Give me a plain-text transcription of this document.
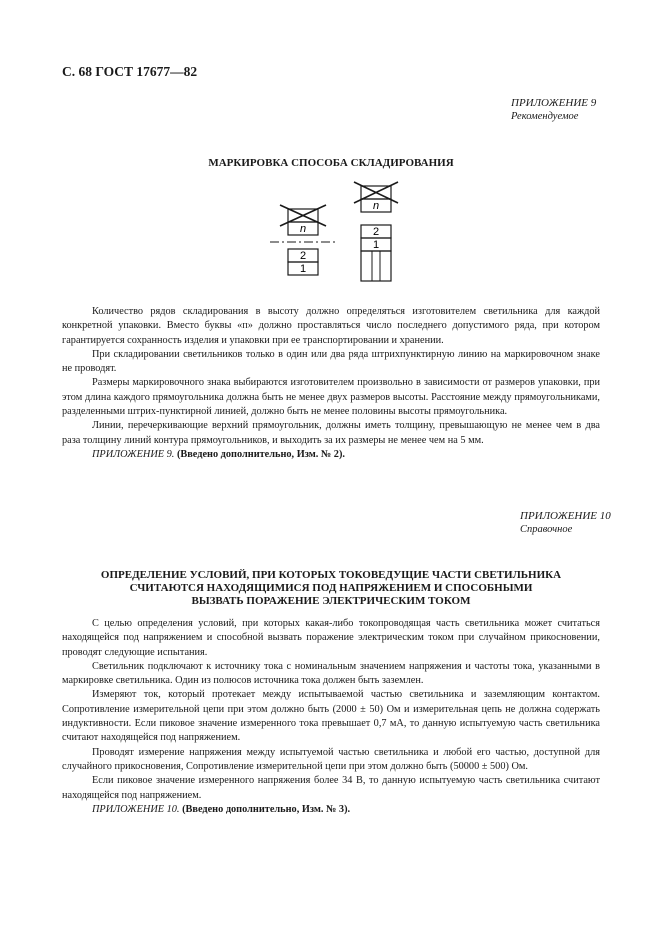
С. 68 ГОСТ 17677—82
ПРИЛОЖЕНИЕ 9
Рекомендуемое
МАРКИРОВКА СПОСОБА СКЛАДИРОВАНИЯ
n
2
1
n
2
1

Количество рядов складирования в высоту должно определяться изготовителем светильника для каждой конкретной упаковки. Вместо буквы «п» должно проставляться число последнего допустимого ряда, при котором гарантируется сохранность изделия и упаковки при ее транспортировании и хранении.

При складировании светильников только в один или два ряда штрихпунктирную линию на маркировочном знаке не проводят.

Размеры маркировочного знака выбираются изготовителем произвольно в зависимости от размеров упаковки, при этом длина каждого прямоугольника должна быть не менее двух размеров высоты. Расстояние между прямоугольниками, разделенными штрих-пунктирной линией, должно быть не менее половины высоты прямоугольника.

Линии, перечеркивающие верхний прямоугольник, должны иметь толщину, превышающую не менее чем в два раза толщину линий контура прямоугольников, и выходить за их размеры не менее чем на 5 мм.

ПРИЛОЖЕНИЕ 9. (Введено дополнительно, Изм. № 2).

ПРИЛОЖЕНИЕ 10
Справочное
ОПРЕДЕЛЕНИЕ УСЛОВИЙ, ПРИ КОТОРЫХ ТОКОВЕДУЩИЕ ЧАСТИ СВЕТИЛЬНИКА
СЧИТАЮТСЯ НАХОДЯЩИМИСЯ ПОД НАПРЯЖЕНИЕМ И СПОСОБНЫМИ
ВЫЗВАТЬ ПОРАЖЕНИЕ ЭЛЕКТРИЧЕСКИМ ТОКОМ

С целью определения условий, при которых какая-либо токопроводящая часть светильника может считаться находящейся под напряжением и способной вызвать поражение электрическим током при случайном прикосновении, проводят следующие испытания.

Светильник подключают к источнику тока с номинальным значением напряжения и частоты тока, указанными в маркировке светильника. Один из полюсов источника тока должен быть заземлен.

Измеряют ток, который протекает между испытываемой частью светильника и заземляющим контактом. Сопротивление измерительной цепи при этом должно быть (2000 ± 50) Ом и измерительная цепь не должна содержать индуктивности. Если пиковое значение измеренного тока превышает 0,7 мА, то данную испытуемую часть светильника считают находящейся под напряжением.

Проводят измерение напряжения между испытуемой частью светильника и любой его частью, доступной для случайного прикосновения, Сопротивление измерительной цепи при этом должно быть (50000 ± 500) Ом.

Если пиковое значение измеренного напряжения более 34 В, то данную испытуемую часть светильника считают находящейся под напряжением.

ПРИЛОЖЕНИЕ 10. (Введено дополнительно, Изм. № 3).
